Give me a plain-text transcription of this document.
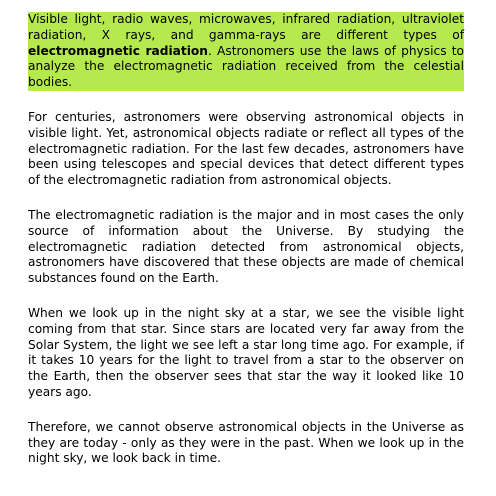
Visible light, radio waves, microwaves, infrared radiation, ultraviolet radiation, X rays, and gamma-rays are different types of electromagnetic radiation. Astronomers use the laws of physics to analyze the electromagnetic radiation received from the celestial bodies.

For centuries, astronomers were observing astronomical objects in visible light. Yet, astronomical objects radiate or reflect all types of the electromagnetic radiation. For the last few decades, astronomers have been using telescopes and special devices that detect different types of the electromagnetic radiation from astronomical objects.

The electromagnetic radiation is the major and in most cases the only source of information about the Universe. By studying the electromagnetic radiation detected from astronomical objects, astronomers have discovered that these objects are made of chemical substances found on the Earth.

When we look up in the night sky at a star, we see the visible light coming from that star. Since stars are located very far away from the Solar System, the light we see left a star long time ago. For example, if it takes 10 years for the light to travel from a star to the observer on the Earth, then the observer sees that star the way it looked like 10 years ago.

Therefore, we cannot observe astronomical objects in the Universe as they are today - only as they were in the past. When we look up in the night sky, we look back in time.
